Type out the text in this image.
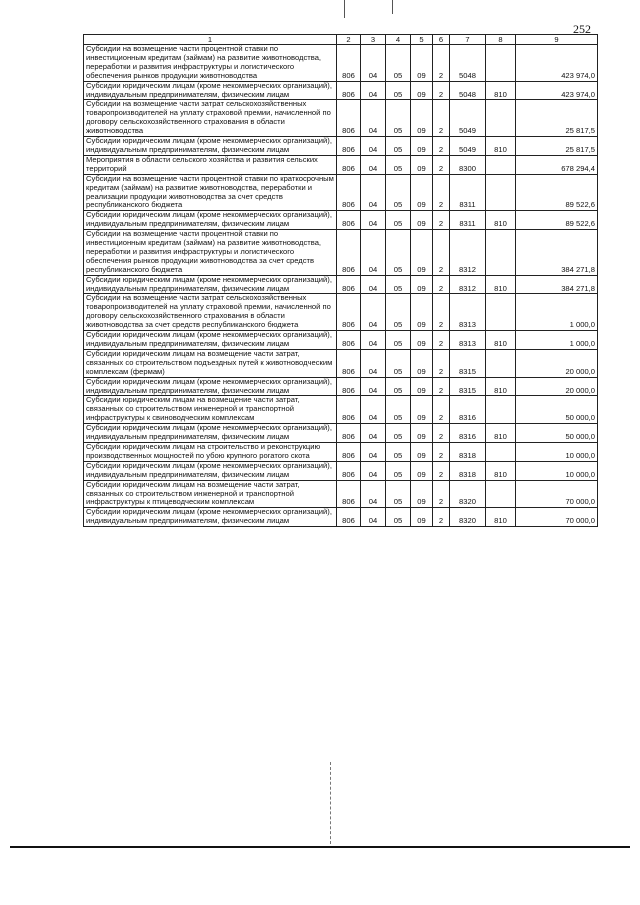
252
1	2	3	4	5	6	7	8	9
Субсидии на возмещение части процентной ставки по инвестиционным кредитам (займам) на развитие животноводства, переработки и развития инфраструктуры и логистического обеспечения рынков продукции животноводства	806	04	05	09	2	5048		423 974,0
Субсидии юридическим лицам (кроме некоммерческих организаций), индивидуальным предпринимателям, физическим лицам	806	04	05	09	2	5048	810	423 974,0
Субсидии на возмещение части затрат сельскохозяйственных товаропроизводителей на уплату страховой премии, начисленной по договору сельскохозяйственного страхования в области животноводства	806	04	05	09	2	5049		25 817,5
Субсидии юридическим лицам (кроме некоммерческих организаций), индивидуальным предпринимателям, физическим лицам	806	04	05	09	2	5049	810	25 817,5
Мероприятия в области сельского хозяйства и развития сельских территорий	806	04	05	09	2	8300		678 294,4
Субсидии на возмещение части процентной ставки по краткосрочным кредитам (займам) на развитие животноводства, переработки и реализации продукции животноводства за счет средств республиканского бюджета	806	04	05	09	2	8311		89 522,6
Субсидии юридическим лицам (кроме некоммерческих организаций), индивидуальным предпринимателям, физическим лицам	806	04	05	09	2	8311	810	89 522,6
Субсидии на возмещение части процентной ставки по инвестиционным кредитам (займам) на развитие животноводства, переработки и развития инфраструктуры и логистического обеспечения рынков продукции животноводства за счет средств республиканского бюджета	806	04	05	09	2	8312		384 271,8
Субсидии юридическим лицам (кроме некоммерческих организаций), индивидуальным предпринимателям, физическим лицам	806	04	05	09	2	8312	810	384 271,8
Субсидии на возмещение части затрат сельскохозяйственных товаропроизводителей на уплату страховой премии, начисленной по договору сельскохозяйственного страхования в области животноводства за счет средств республиканского бюджета	806	04	05	09	2	8313		1 000,0
Субсидии юридическим лицам (кроме некоммерческих организаций), индивидуальным предпринимателям, физическим лицам	806	04	05	09	2	8313	810	1 000,0
Субсидии юридическим лицам на возмещение части затрат, связанных со строительством подъездных путей к животноводческим комплексам (фермам)	806	04	05	09	2	8315		20 000,0
Субсидии юридическим лицам (кроме некоммерческих организаций), индивидуальным предпринимателям, физическим лицам	806	04	05	09	2	8315	810	20 000,0
Субсидии юридическим лицам на возмещение части затрат, связанных со строительством инженерной и транспортной инфраструктуры к свиноводческим комплексам	806	04	05	09	2	8316		50 000,0
Субсидии юридическим лицам (кроме некоммерческих организаций), индивидуальным предпринимателям, физическим лицам	806	04	05	09	2	8316	810	50 000,0
Субсидии юридическим лицам на строительство и реконструкцию производственных мощностей по убою крупного рогатого скота	806	04	05	09	2	8318		10 000,0
Субсидии юридическим лицам (кроме некоммерческих организаций), индивидуальным предпринимателям, физическим лицам	806	04	05	09	2	8318	810	10 000,0
Субсидии юридическим лицам на возмещение части затрат, связанных со строительством инженерной и транспортной инфраструктуры к птицеводческим комплексам	806	04	05	09	2	8320		70 000,0
Субсидии юридическим лицам (кроме некоммерческих организаций), индивидуальным предпринимателям, физическим лицам	806	04	05	09	2	8320	810	70 000,0
